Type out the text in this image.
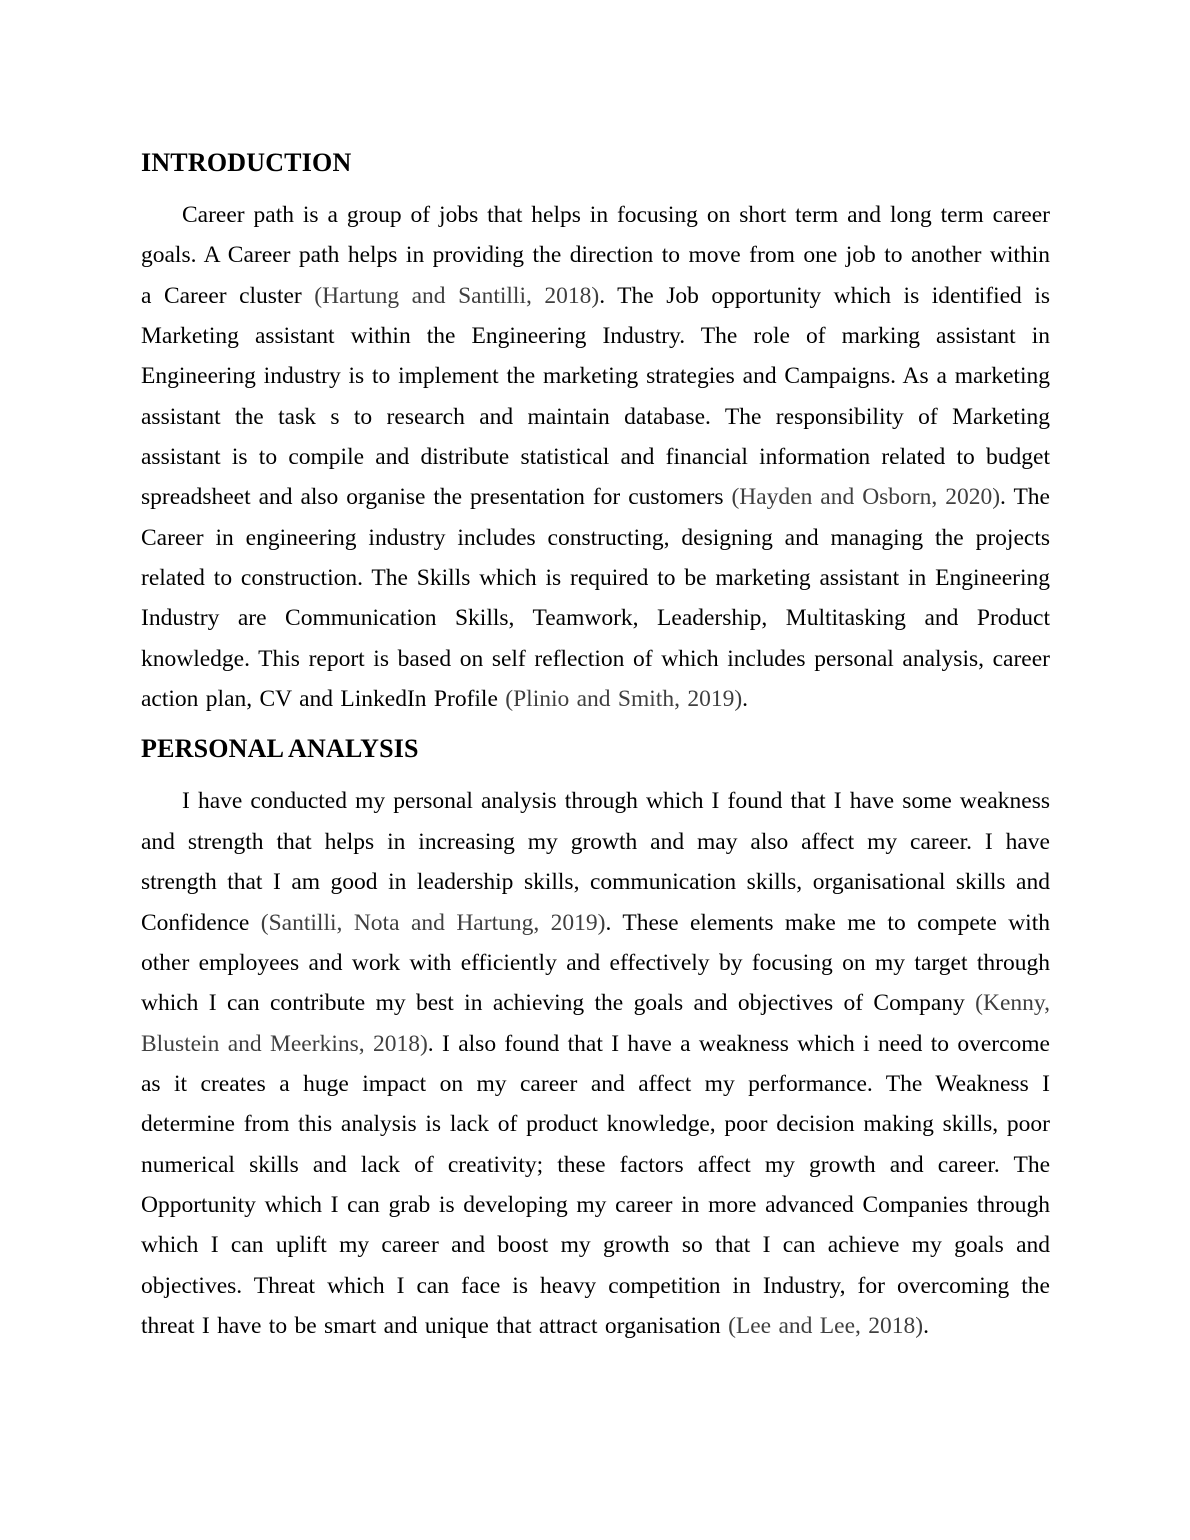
INTRODUCTION

Career path is a group of jobs that helps in focusing on short term and long term career goals. A Career path helps in providing the direction to move from one job to another within a Career cluster (Hartung and Santilli, 2018). The Job opportunity which is identified is Marketing assistant within the Engineering Industry. The role of marking assistant in Engineering industry is to implement the marketing strategies and Campaigns. As a marketing assistant the task s to research and maintain database. The responsibility of Marketing assistant is to compile and distribute statistical and financial information related to budget spreadsheet and also organise the presentation for customers (Hayden and Osborn, 2020). The Career in engineering industry includes constructing, designing and managing the projects related to construction. The Skills which is required to be marketing assistant in Engineering Industry are Communication Skills, Teamwork, Leadership, Multitasking and Product knowledge. This report is based on self reflection of which includes personal analysis, career action plan, CV and LinkedIn Profile (Plinio and Smith, 2019).

PERSONAL ANALYSIS

I have conducted my personal analysis through which I found that I have some weakness and strength that helps in increasing my growth and may also affect my career. I have strength that I am good in leadership skills, communication skills, organisational skills and Confidence (Santilli, Nota and Hartung, 2019). These elements make me to compete with other employees and work with efficiently and effectively by focusing on my target through which I can contribute my best in achieving the goals and objectives of Company (Kenny, Blustein and Meerkins, 2018). I also found that I have a weakness which i need to overcome as it creates a huge impact on my career and affect my performance. The Weakness I determine from this analysis is lack of product knowledge, poor decision making skills, poor numerical skills and lack of creativity; these factors affect my growth and career. The Opportunity which I can grab is developing my career in more advanced Companies through which I can uplift my career and boost my growth so that I can achieve my goals and objectives. Threat which I can face is heavy competition in Industry, for overcoming the threat I have to be smart and unique that attract organisation (Lee and Lee, 2018).
